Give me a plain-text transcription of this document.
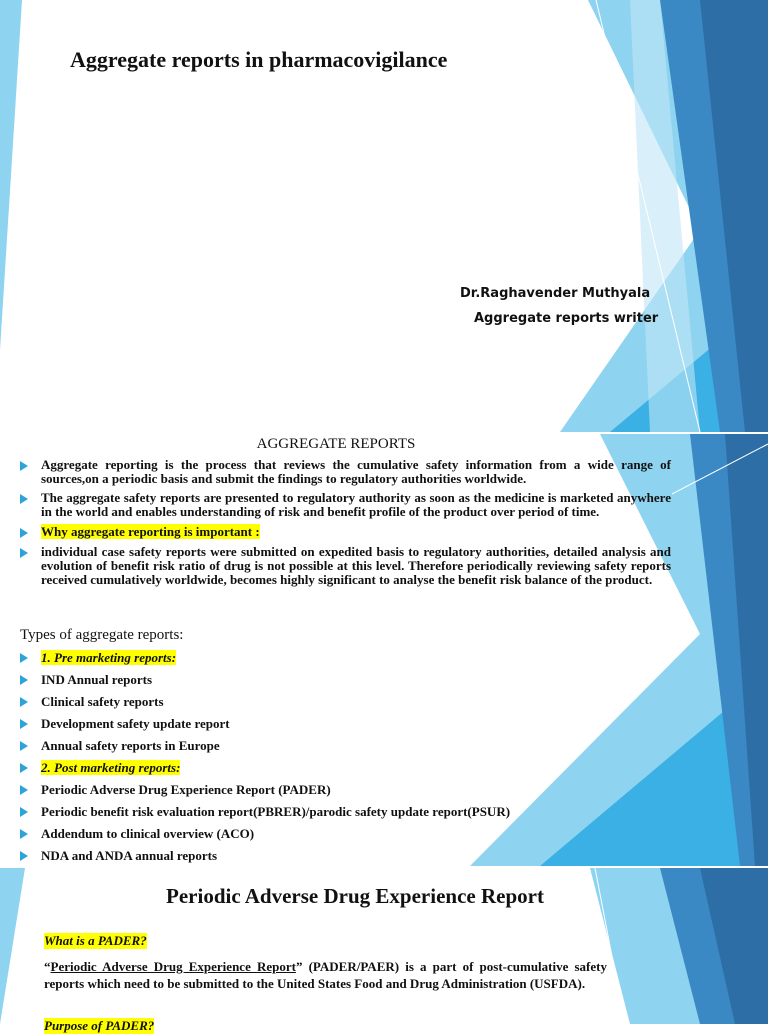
Aggregate reports in pharmacovigilance
Dr.Raghavender Muthyala
Aggregate reports writer
AGGREGATE REPORTS
Aggregate reporting is the process that reviews the cumulative safety information from a wide range of sources,on a periodic basis and submit the findings to regulatory authorities worldwide.
The aggregate safety reports are presented to regulatory authority as soon as the medicine is marketed anywhere in the world and enables understanding of risk and benefit profile of the product over period of time.
Why aggregate reporting is important :
individual case safety reports were submitted on expedited basis to regulatory authorities, detailed analysis and evolution of benefit risk ratio of drug is not possible at this level. Therefore periodically reviewing safety reports received cumulatively worldwide, becomes highly significant to analyse the benefit risk balance of the product.
Types of aggregate reports:
1. Pre marketing reports:
IND Annual reports
Clinical safety reports
Development safety update report
Annual safety reports in Europe
2. Post marketing reports:
Periodic Adverse Drug Experience Report (PADER)
Periodic benefit risk evaluation report(PBRER)/parodic safety update report(PSUR)
Addendum to clinical overview (ACO)
NDA and ANDA annual reports
Periodic Adverse Drug Experience Report
What is a PADER?
“Periodic Adverse Drug Experience Report” (PADER/PAER) is a part of post-cumulative safety reports which need to be submitted to the United States Food and Drug Administration (USFDA).
Purpose of PADER?
